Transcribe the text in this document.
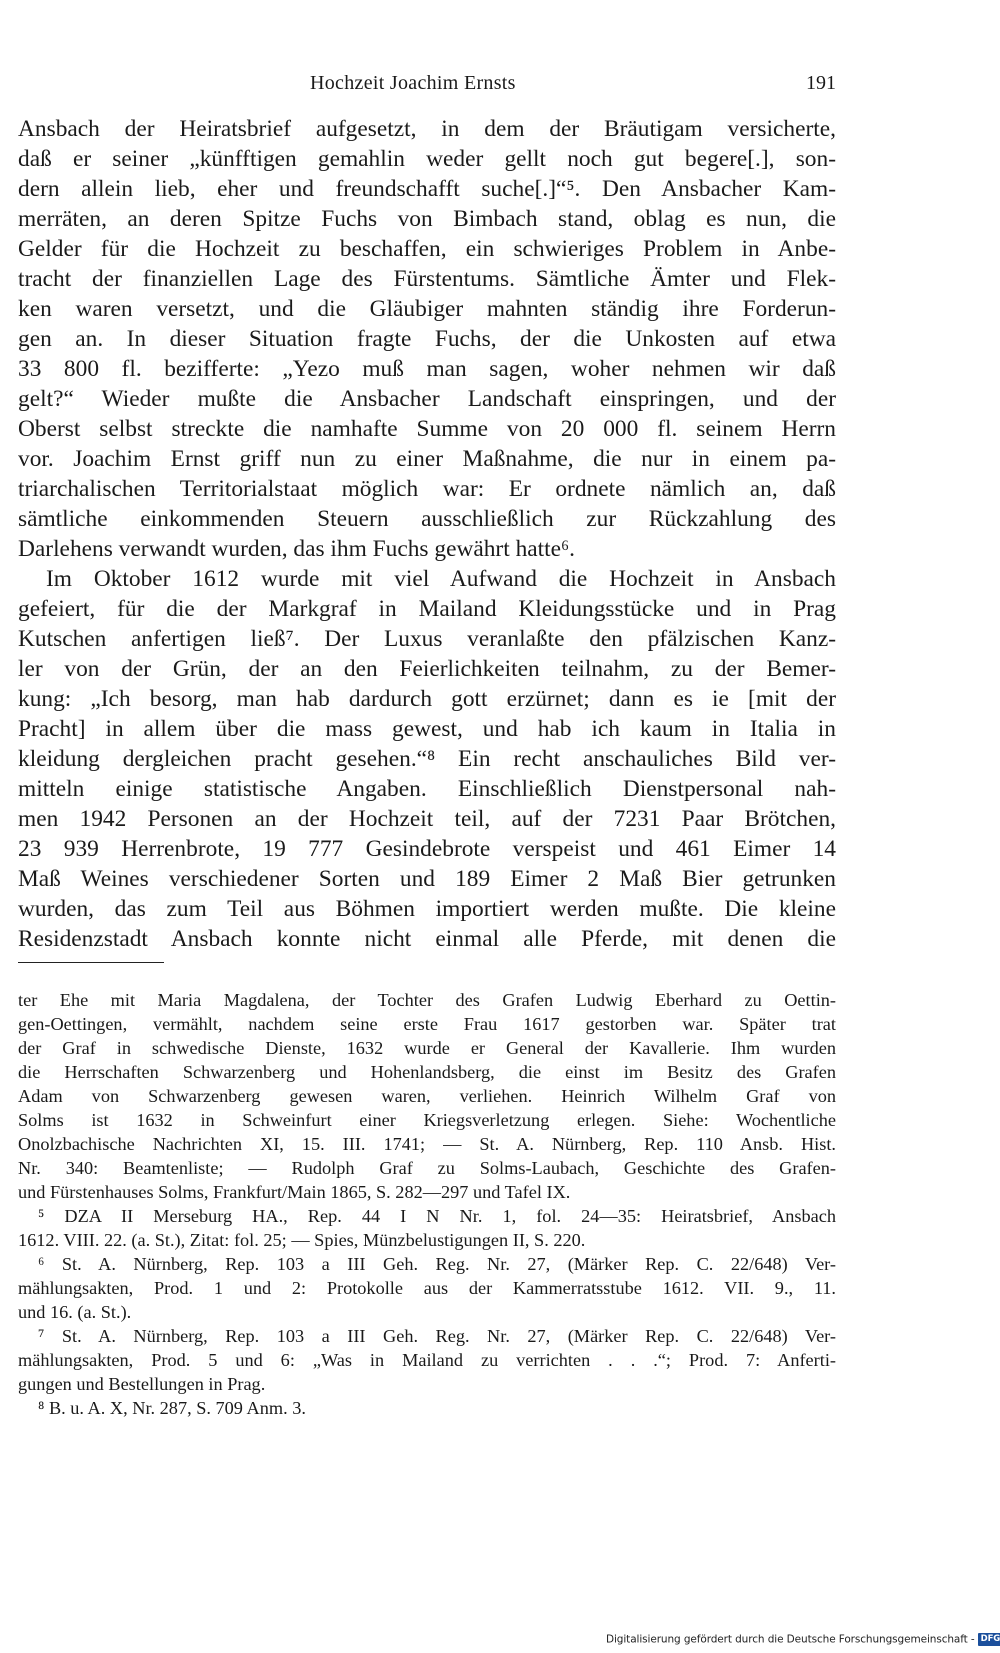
Hochzeit Joachim Ernsts	191
Ansbach der Heiratsbrief aufgesetzt, in dem der Bräutigam versicherte,
daß er seiner „künfftigen gemahlin weder gellt noch gut begere[.], son-
dern allein lieb, eher und freundschafft suche[.]“⁵. Den Ansbacher Kam-
merräten, an deren Spitze Fuchs von Bimbach stand, oblag es nun, die
Gelder für die Hochzeit zu beschaffen, ein schwieriges Problem in Anbe-
tracht der finanziellen Lage des Fürstentums. Sämtliche Ämter und Flek-
ken waren versetzt, und die Gläubiger mahnten ständig ihre Forderun-
gen an. In dieser Situation fragte Fuchs, der die Unkosten auf etwa
33 800 fl. bezifferte: „Yezo muß man sagen, woher nehmen wir daß
gelt?“ Wieder mußte die Ansbacher Landschaft einspringen, und der
Oberst selbst streckte die namhafte Summe von 20 000 fl. seinem Herrn
vor. Joachim Ernst griff nun zu einer Maßnahme, die nur in einem pa-
triarchalischen Territorialstaat möglich war: Er ordnete nämlich an, daß
sämtliche einkommenden Steuern ausschließlich zur Rückzahlung des
Darlehens verwandt wurden, das ihm Fuchs gewährt hatte⁶.
Im Oktober 1612 wurde mit viel Aufwand die Hochzeit in Ansbach
gefeiert, für die der Markgraf in Mailand Kleidungsstücke und in Prag
Kutschen anfertigen ließ⁷. Der Luxus veranlaßte den pfälzischen Kanz-
ler von der Grün, der an den Feierlichkeiten teilnahm, zu der Bemer-
kung: „Ich besorg, man hab dardurch gott erzürnet; dann es ie [mit der
Pracht] in allem über die mass gewest, und hab ich kaum in Italia in
kleidung dergleichen pracht gesehen.“⁸ Ein recht anschauliches Bild ver-
mitteln einige statistische Angaben. Einschließlich Dienstpersonal nah-
men 1942 Personen an der Hochzeit teil, auf der 7231 Paar Brötchen,
23 939 Herrenbrote, 19 777 Gesindebrote verspeist und 461 Eimer 14
Maß Weines verschiedener Sorten und 189 Eimer 2 Maß Bier getrunken
wurden, das zum Teil aus Böhmen importiert werden mußte. Die kleine
Residenzstadt Ansbach konnte nicht einmal alle Pferde, mit denen die
ter Ehe mit Maria Magdalena, der Tochter des Grafen Ludwig Eberhard zu Oettin-
gen-Oettingen, vermählt, nachdem seine erste Frau 1617 gestorben war. Später trat
der Graf in schwedische Dienste, 1632 wurde er General der Kavallerie. Ihm wurden
die Herrschaften Schwarzenberg und Hohenlandsberg, die einst im Besitz des Grafen
Adam von Schwarzenberg gewesen waren, verliehen. Heinrich Wilhelm Graf von
Solms ist 1632 in Schweinfurt einer Kriegsverletzung erlegen. Siehe: Wochentliche
Onolzbachische Nachrichten XI, 15. III. 1741; — St. A. Nürnberg, Rep. 110 Ansb. Hist.
Nr. 340: Beamtenliste; — Rudolph Graf zu Solms-Laubach, Geschichte des Grafen-
und Fürstenhauses Solms, Frankfurt/Main 1865, S. 282—297 und Tafel IX.
⁵ DZA II Merseburg HA., Rep. 44 I N Nr. 1, fol. 24—35: Heiratsbrief, Ansbach
1612. VIII. 22. (a. St.), Zitat: fol. 25; — Spies, Münzbelustigungen II, S. 220.
⁶ St. A. Nürnberg, Rep. 103 a III Geh. Reg. Nr. 27, (Märker Rep. C. 22/648) Ver-
mählungsakten, Prod. 1 und 2: Protokolle aus der Kammerratsstube 1612. VII. 9., 11.
und 16. (a. St.).
⁷ St. A. Nürnberg, Rep. 103 a III Geh. Reg. Nr. 27, (Märker Rep. C. 22/648) Ver-
mählungsakten, Prod. 5 und 6: „Was in Mailand zu verrichten . . .“; Prod. 7: Anferti-
gungen und Bestellungen in Prag.
⁸ B. u. A. X, Nr. 287, S. 709 Anm. 3.
Digitalisierung gefördert durch die Deutsche Forschungsgemeinschaft - DFG
